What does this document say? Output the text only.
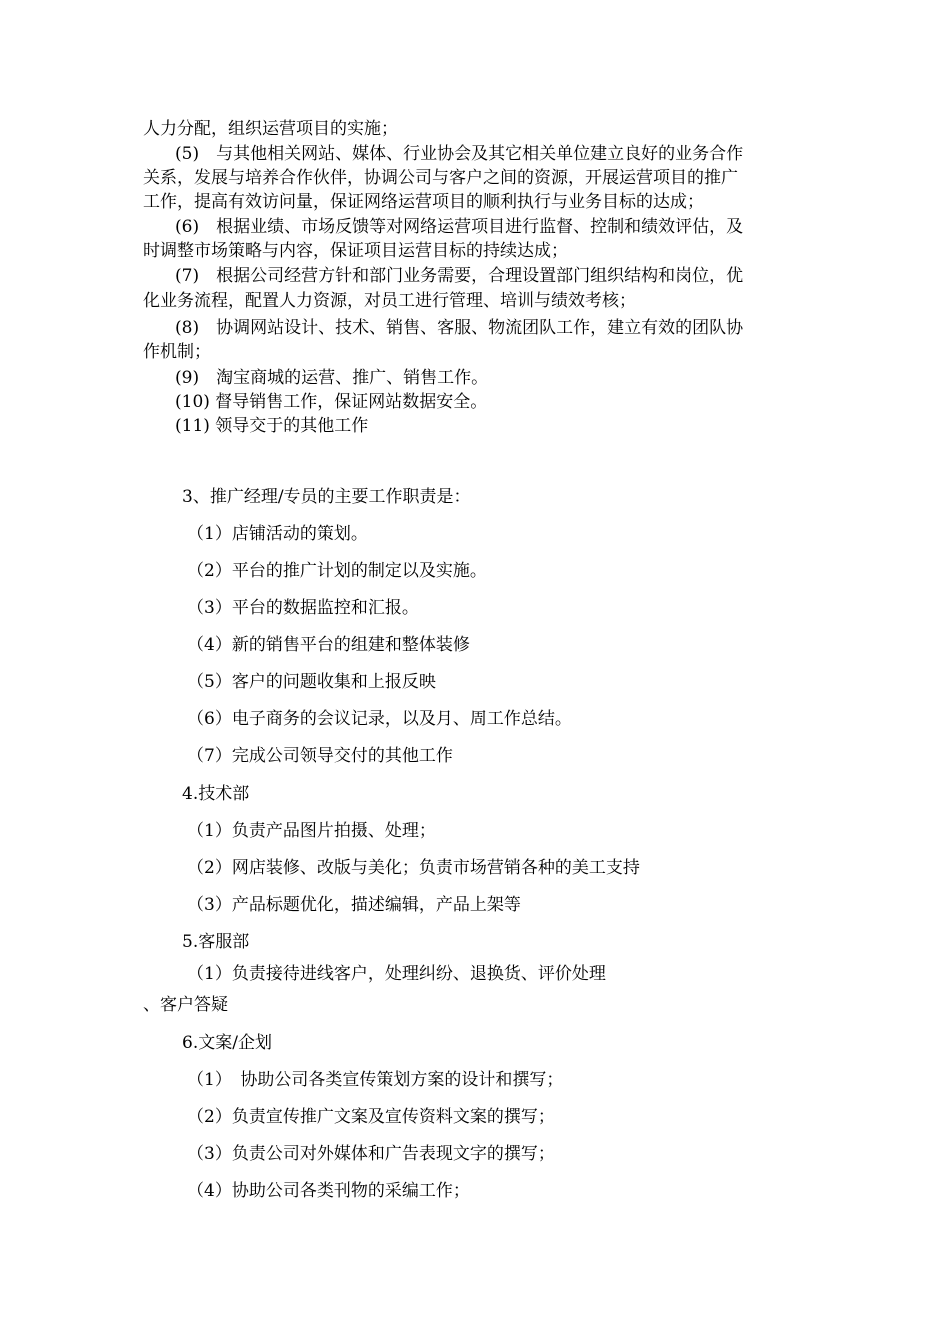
人力分配，组织运营项目的实施；
(5)　与其他相关网站、媒体、行业协会及其它相关单位建立良好的业务合作
关系，发展与培养合作伙伴，协调公司与客户之间的资源，开展运营项目的推广
工作，提高有效访问量，保证网络运营项目的顺利执行与业务目标的达成；
(6)　根据业绩、市场反馈等对网络运营项目进行监督、控制和绩效评估，及
时调整市场策略与内容，保证项目运营目标的持续达成；
(7)　根据公司经营方针和部门业务需要，合理设置部门组织结构和岗位，优
化业务流程，配置人力资源，对员工进行管理、培训与绩效考核；
(8)　协调网站设计、技术、销售、客服、物流团队工作，建立有效的团队协
作机制；
(9)　淘宝商城的运营、推广、销售工作。
(10) 督导销售工作，保证网站数据安全。
(11) 领导交于的其他工作
3、推广经理/专员的主要工作职责是：
（1）店铺活动的策划。
（2）平台的推广计划的制定以及实施。
（3）平台的数据监控和汇报。
（4）新的销售平台的组建和整体装修
（5）客户的问题收集和上报反映
（6）电子商务的会议记录，以及月、周工作总结。
（7）完成公司领导交付的其他工作
4.技术部
（1）负责产品图片拍摄、处理；
（2）网店装修、改版与美化；负责市场营销各种的美工支持
（3）产品标题优化，描述编辑，产品上架等
5.客服部
（1）负责接待进线客户，处理纠纷、退换货、评价处理
、客户答疑
6.文案/企划
（1）　协助公司各类宣传策划方案的设计和撰写；
（2）负责宣传推广文案及宣传资料文案的撰写；
（3）负责公司对外媒体和广告表现文字的撰写；
（4）协助公司各类刊物的采编工作；
